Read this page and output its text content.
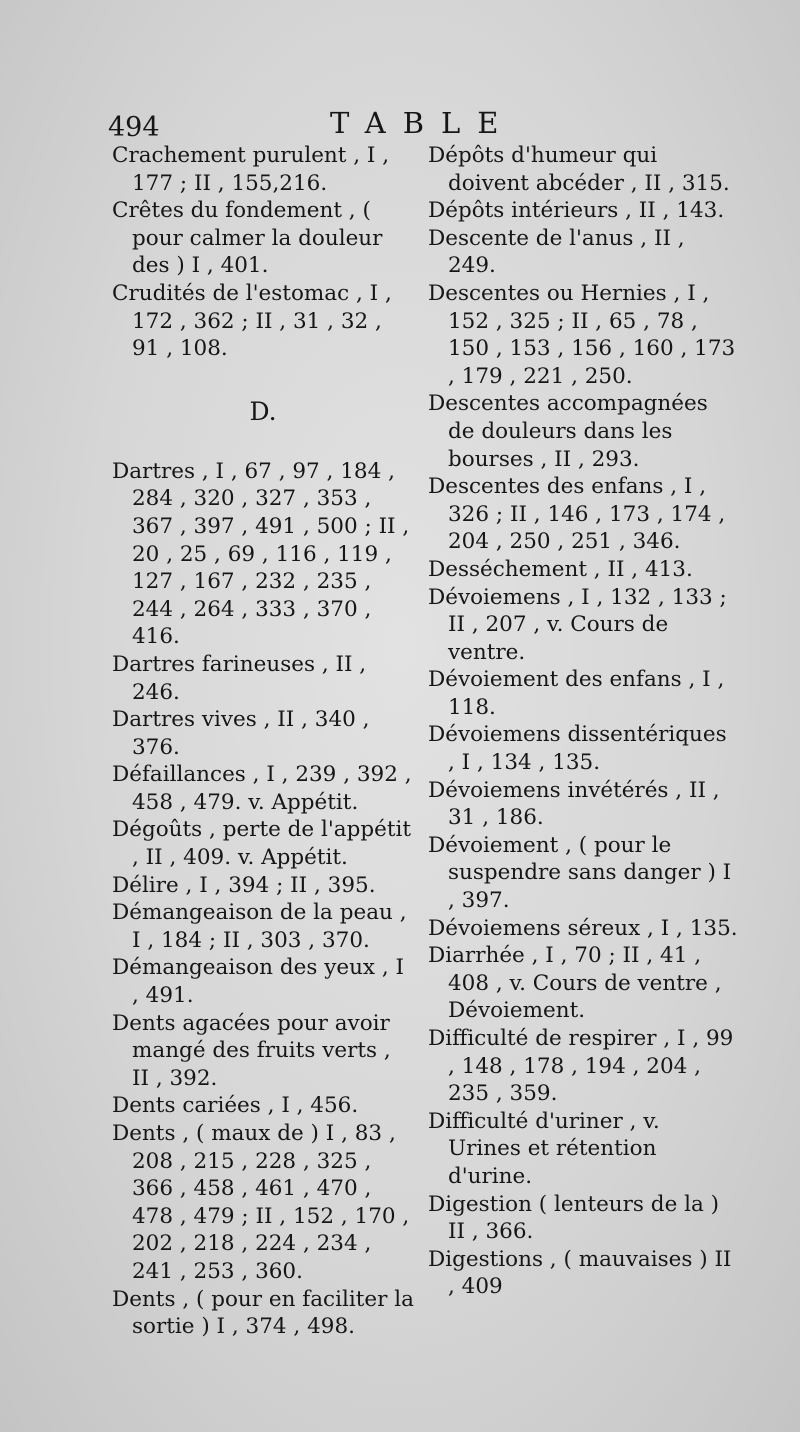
494	TABLE
Crachement purulent , I , 177 ; II , 155,216.
Crêtes du fondement , ( pour calmer la douleur des ) I , 401.
Crudités de l'estomac , I , 172 , 362 ; II , 31 , 32 , 91 , 108.
D.
Dartres , I , 67 , 97 , 184 , 284 , 320 , 327 , 353 , 367 , 397 , 491 , 500 ; II , 20 , 25 , 69 , 116 , 119 , 127 , 167 , 232 , 235 , 244 , 264 , 333 , 370 , 416.
Dartres farineuses , II , 246.
Dartres vives , II , 340 , 376.
Défaillances , I , 239 , 392 , 458 , 479. v. Appétit.
Dégoûts , perte de l'appétit , II , 409. v. Appétit.
Délire , I , 394 ; II , 395.
Démangeaison de la peau , I , 184 ; II , 303 , 370.
Démangeaison des yeux , I , 491.
Dents agacées pour avoir mangé des fruits verts , II , 392.
Dents cariées , I , 456.
Dents , ( maux de ) I , 83 , 208 , 215 , 228 , 325 , 366 , 458 , 461 , 470 , 478 , 479 ; II , 152 , 170 , 202 , 218 , 224 , 234 , 241 , 253 , 360.
Dents , ( pour en faciliter la sortie ) I , 374 , 498.
Dépôts d'humeur qui doivent abcéder , II , 315.
Dépôts intérieurs , II , 143.
Descente de l'anus , II , 249.
Descentes ou Hernies , I , 152 , 325 ; II , 65 , 78 , 150 , 153 , 156 , 160 , 173 , 179 , 221 , 250.
Descentes accompagnées de douleurs dans les bourses , II , 293.
Descentes des enfans , I , 326 ; II , 146 , 173 , 174 , 204 , 250 , 251 , 346.
Desséchement , II , 413.
Dévoiemens , I , 132 , 133 ; II , 207 , v. Cours de ventre.
Dévoiement des enfans , I , 118.
Dévoiemens dissentériques , I , 134 , 135.
Dévoiemens invétérés , II , 31 , 186.
Dévoiement , ( pour le suspendre sans danger ) I , 397.
Dévoiemens séreux , I , 135.
Diarrhée , I , 70 ; II , 41 , 408 , v. Cours de ventre , Dévoiement.
Difficulté de respirer , I , 99 , 148 , 178 , 194 , 204 , 235 , 359.
Difficulté d'uriner , v. Urines et rétention d'urine.
Digestion ( lenteurs de la ) II , 366.
Digestions , ( mauvaises ) II , 409
